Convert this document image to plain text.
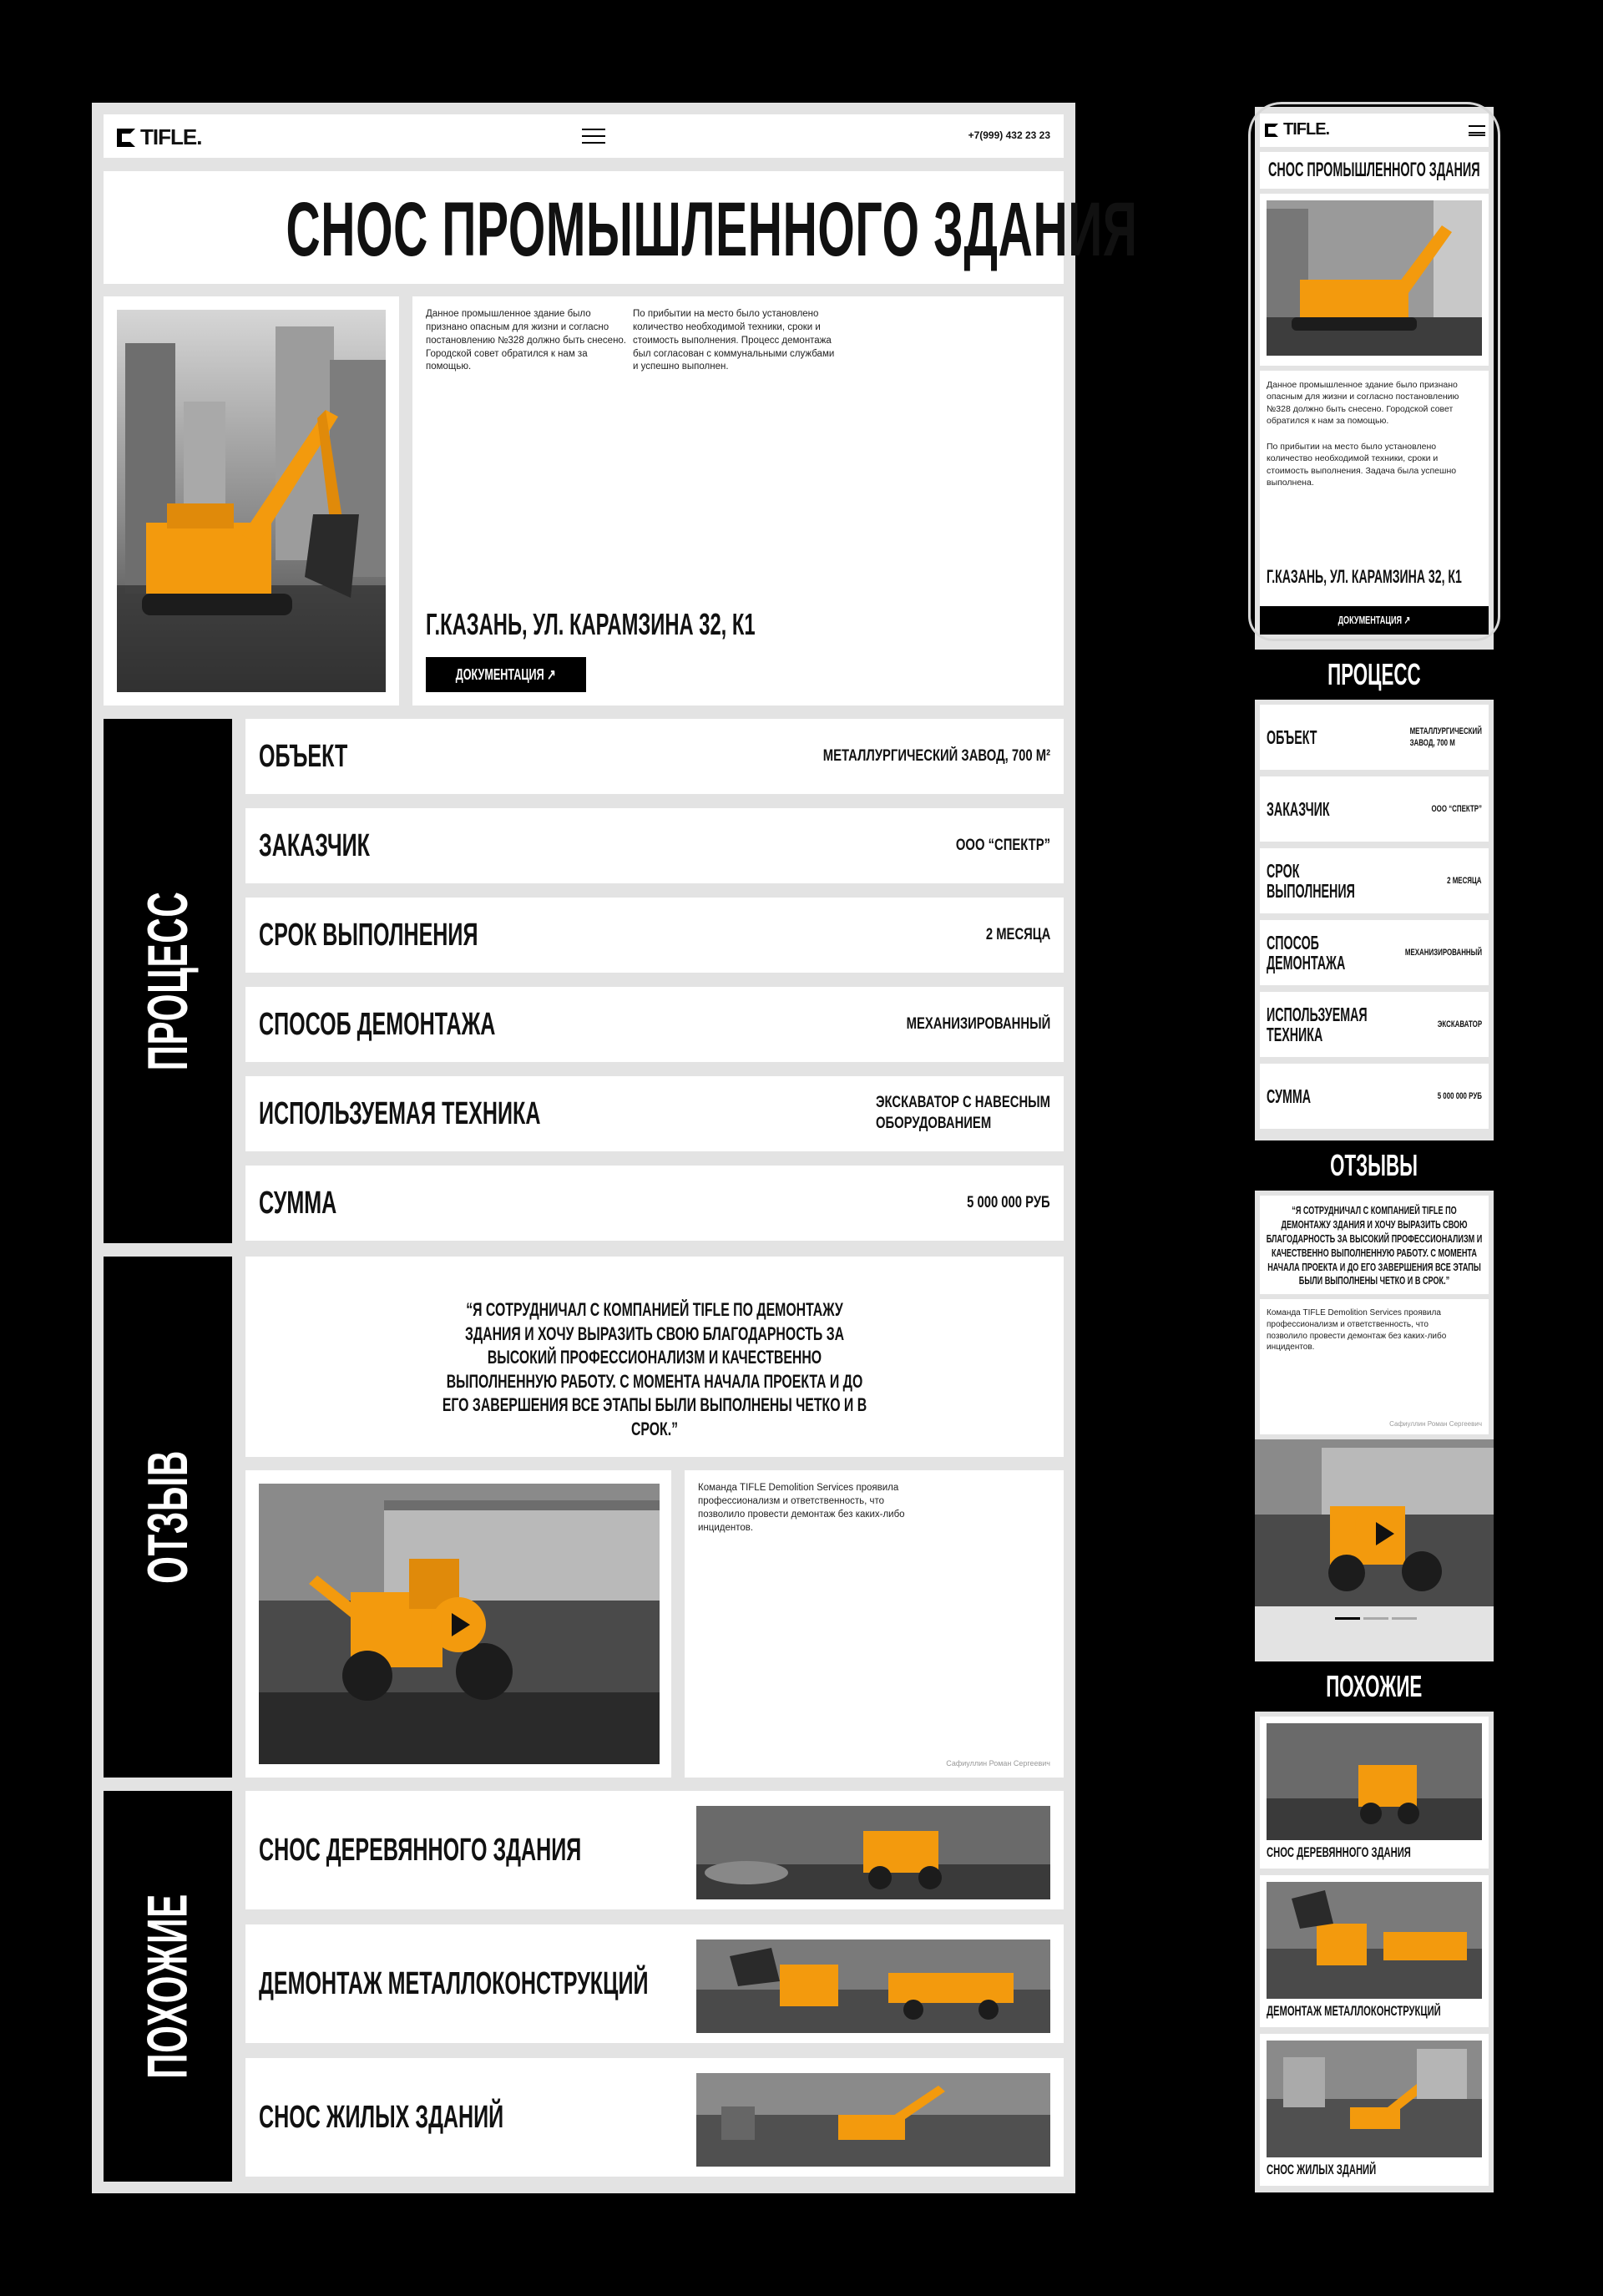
TIFLE.	+7(999) 432 23 23
СНОС ПРОМЫШЛЕННОГО ЗДАНИЯ
Данное промышленное здание было признано опасным для жизни и согласно постановлению №328 должно быть снесено. Городской совет обратился к нам за помощью.
По прибытии на место было установлено количество необходимой техники, сроки и стоимость выполнения. Процесс демонтажа был согласован с коммунальными службами и успешно выполнен.
Г.КАЗАНЬ, УЛ. КАРАМЗИНА 32, К1
ДОКУМЕНТАЦИЯ ↗
ПРОЦЕСС
ОБЪЕКТ	МЕТАЛЛУРГИЧЕСКИЙ ЗАВОД, 700 М²
ЗАКАЗЧИК	ООО “СПЕКТР”
СРОК ВЫПОЛНЕНИЯ	2 МЕСЯЦА
СПОСОБ ДЕМОНТАЖА	МЕХАНИЗИРОВАННЫЙ
ИСПОЛЬЗУЕМАЯ ТЕХНИКА	ЭКСКАВАТОР С НАВЕСНЫМ
ОБОРУДОВАНИЕМ
СУММА	5 000 000 РУБ
ОТЗЫВ
“Я СОТРУДНИЧАЛ С КОМПАНИЕЙ TIFLE ПО ДЕМОНТАЖУ ЗДАНИЯ И ХОЧУ ВЫРАЗИТЬ СВОЮ БЛАГОДАРНОСТЬ ЗА ВЫСОКИЙ ПРОФЕССИОНАЛИЗМ И КАЧЕСТВЕННО ВЫПОЛНЕННУЮ РАБОТУ. С МОМЕНТА НАЧАЛА ПРОЕКТА И ДО ЕГО ЗАВЕРШЕНИЯ ВСЕ ЭТАПЫ БЫЛИ ВЫПОЛНЕНЫ ЧЕТКО И В СРОК.”
Команда TIFLE Demolition Services проявила профессионализм и ответственность, что позволило провести демонтаж без каких-либо инцидентов.
Сафиуллин Роман Сергеевич
ПОХОЖИЕ
СНОС ДЕРЕВЯННОГО ЗДАНИЯ
ДЕМОНТАЖ МЕТАЛЛОКОНСТРУКЦИЙ
СНОС ЖИЛЫХ ЗДАНИЙ
TIFLE.
СНОС ПРОМЫШЛЕННОГО ЗДАНИЯ
Данное промышленное здание было признано опасным для жизни и согласно постановлению №328 должно быть снесено. Городской совет обратился к нам за помощью.
По прибытии на место было установлено количество необходимой техники, сроки и стоимость выполнения. Задача была успешно выполнена.
Г.КАЗАНЬ, УЛ. КАРАМЗИНА 32, К1
ДОКУМЕНТАЦИЯ ↗
ПРОЦЕСС
ОБЪЕКТ	МЕТАЛЛУРГИЧЕСКИЙ
ЗАВОД, 700 М
ЗАКАЗЧИК	ООО “СПЕКТР”
СРОК
ВЫПОЛНЕНИЯ	2 МЕСЯЦА
СПОСОБ
ДЕМОНТАЖА	МЕХАНИЗИРОВАННЫЙ
ИСПОЛЬЗУЕМАЯ
ТЕХНИКА	ЭКСКАВАТОР
СУММА	5 000 000 РУБ
ОТЗЫВЫ
“Я СОТРУДНИЧАЛ С КОМПАНИЕЙ TIFLE ПО ДЕМОНТАЖУ ЗДАНИЯ И ХОЧУ ВЫРАЗИТЬ СВОЮ БЛАГОДАРНОСТЬ ЗА ВЫСОКИЙ ПРОФЕССИОНАЛИЗМ И КАЧЕСТВЕННО ВЫПОЛНЕННУЮ РАБОТУ. С МОМЕНТА НАЧАЛА ПРОЕКТА И ДО ЕГО ЗАВЕРШЕНИЯ ВСЕ ЭТАПЫ БЫЛИ ВЫПОЛНЕНЫ ЧЕТКО И В СРОК.”
Команда TIFLE Demolition Services проявила профессионализм и ответственность, что позволило провести демонтаж без каких-либо инцидентов.
Сафиуллин Роман Сергеевич
ПОХОЖИЕ
СНОС ДЕРЕВЯННОГО ЗДАНИЯ
ДЕМОНТАЖ МЕТАЛЛОКОНСТРУКЦИЙ
СНОС ЖИЛЫХ ЗДАНИЙ
